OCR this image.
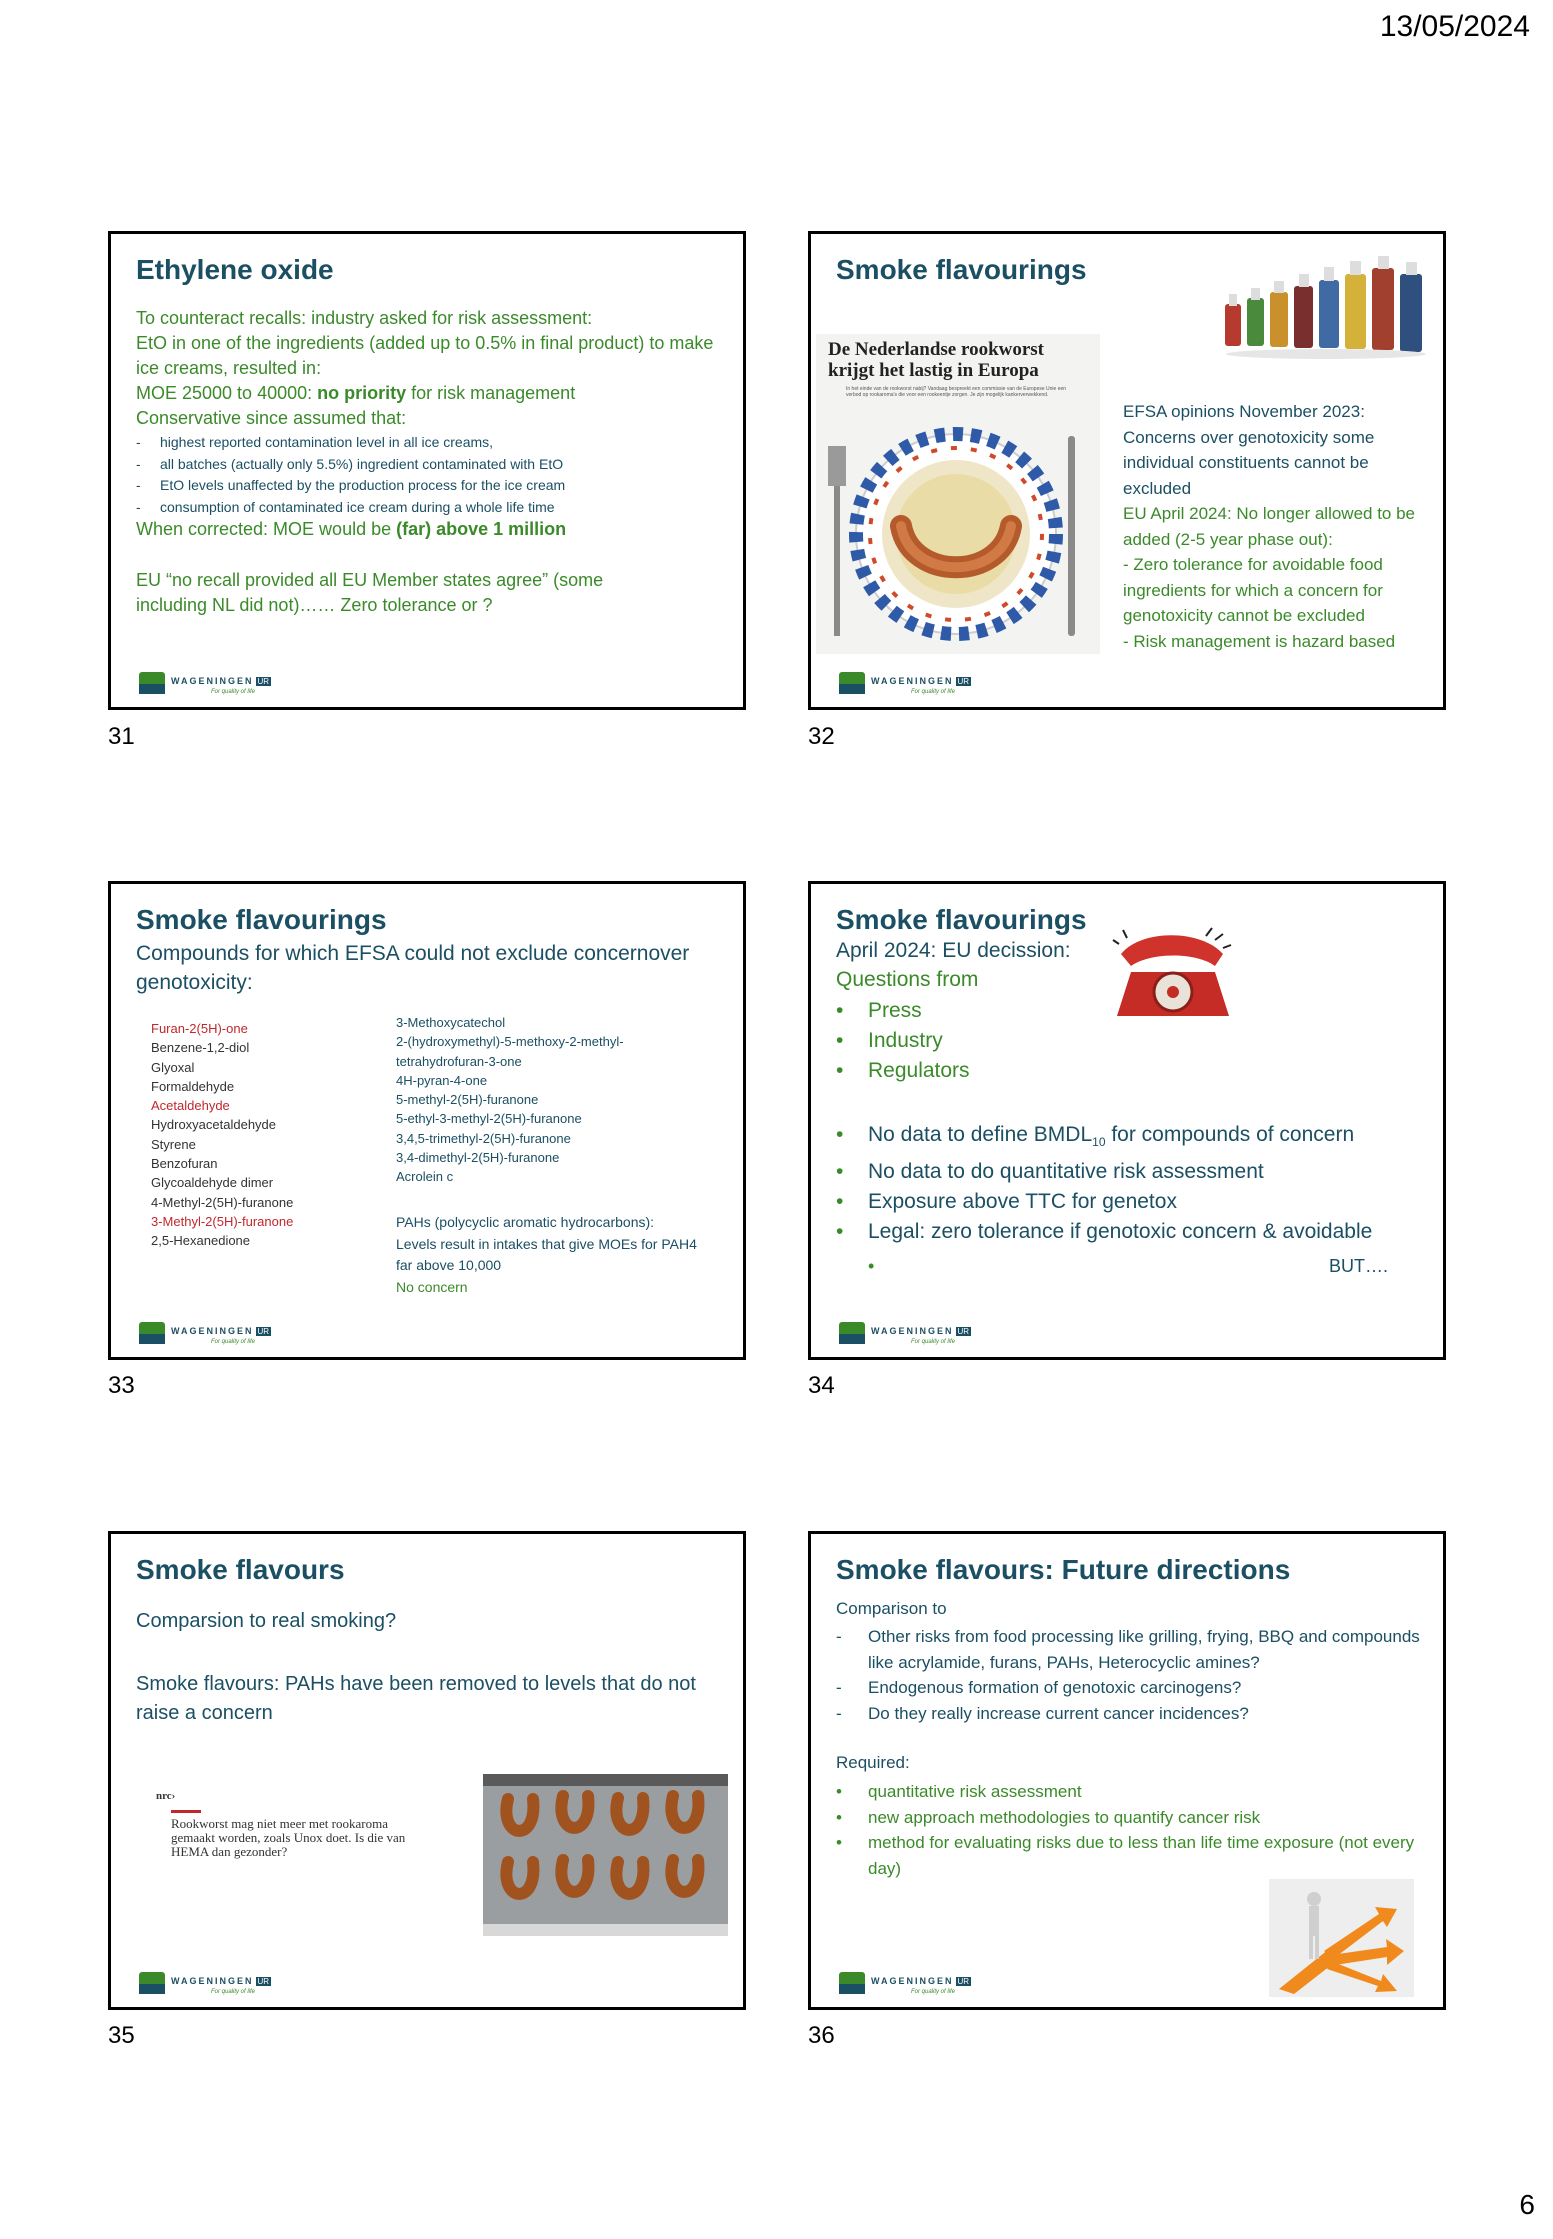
13/05/2024
Ethylene oxide
To counteract recalls: industry asked for risk assessment:
EtO in one of the ingredients (added up to 0.5% in final product) to make ice creams, resulted in:
MOE 25000 to 40000: no priority for risk management
Conservative since assumed that:
- highest reported contamination level in all ice creams,
- all batches (actually only 5.5%) ingredient contaminated with EtO
- EtO levels unaffected by the production process for the ice cream
- consumption of contaminated ice cream during a whole life time
When corrected: MOE would be (far) above 1 million
EU “no recall provided all EU Member states agree” (some including NL did not)…… Zero tolerance or ?
WAGENINGEN UR
For quality of life
31
Smoke flavourings
De Nederlandse rookworst krijgt het lastig in Europa
In het einde van de rookworst nabij? Vandaag bespreekt een commissie van de Europese Unie een verbod op rookaroma's die voor een rookeentje zorgen. Je zijn mogelijk kankerverwekkend.
EFSA opinions November 2023:
Concerns over genotoxicity some individual constituents cannot be excluded
EU April 2024: No longer allowed to be added (2-5 year phase out):
- Zero tolerance for avoidable food ingredients for which a concern for genotoxicity cannot be excluded
- Risk management is hazard based
WAGENINGEN UR
For quality of life
32
Smoke flavourings
Compounds for which EFSA could not exclude concernover genotoxicity:
Furan-2(5H)-one
Benzene-1,2-diol
Glyoxal
Formaldehyde
Acetaldehyde
Hydroxyacetaldehyde
Styrene
Benzofuran
Glycoaldehyde dimer
4-Methyl-2(5H)-furanone
3-Methyl-2(5H)-furanone
2,5-Hexanedione
3-Methoxycatechol
2-(hydroxymethyl)-5-methoxy-2-methyl-tetrahydrofuran-3-one
4H-pyran-4-one
5-methyl-2(5H)-furanone
5-ethyl-3-methyl-2(5H)-furanone
3,4,5-trimethyl-2(5H)-furanone
3,4-dimethyl-2(5H)-furanone
Acrolein c
PAHs (polycyclic aromatic hydrocarbons):
Levels result in intakes that give MOEs for PAH4 far above 10,000
No concern
WAGENINGEN UR
For quality of life
33
Smoke flavourings
April 2024: EU decission:
Questions from
• Press
• Industry
• Regulators
• No data to define $BMDL_{10}$ for compounds of concern
• No data to do quantitative risk assessment
• Exposure above TTC for genetox
• Legal: zero tolerance if genotoxic concern & avoidable
•	BUT….
WAGENINGEN UR
For quality of life
34
Smoke flavours
Comparsion to real smoking?
Smoke flavours: PAHs have been removed to levels that do not raise a concern
nrc›
Rookworst mag niet meer met rookaroma gemaakt worden, zoals Unox doet. Is die van HEMA dan gezonder?
WAGENINGEN UR
For quality of life
35
Smoke flavours: Future directions
Comparison to
- Other risks from food processing like grilling, frying, BBQ and compounds like acrylamide, furans, PAHs, Heterocyclic amines?
- Endogenous formation of genotoxic carcinogens?
- Do they really increase current cancer incidences?
Required:
• quantitative risk assessment
• new approach methodologies to quantify cancer risk
• method for evaluating risks due to less than life time exposure (not every day)
WAGENINGEN UR
For quality of life
36
6
